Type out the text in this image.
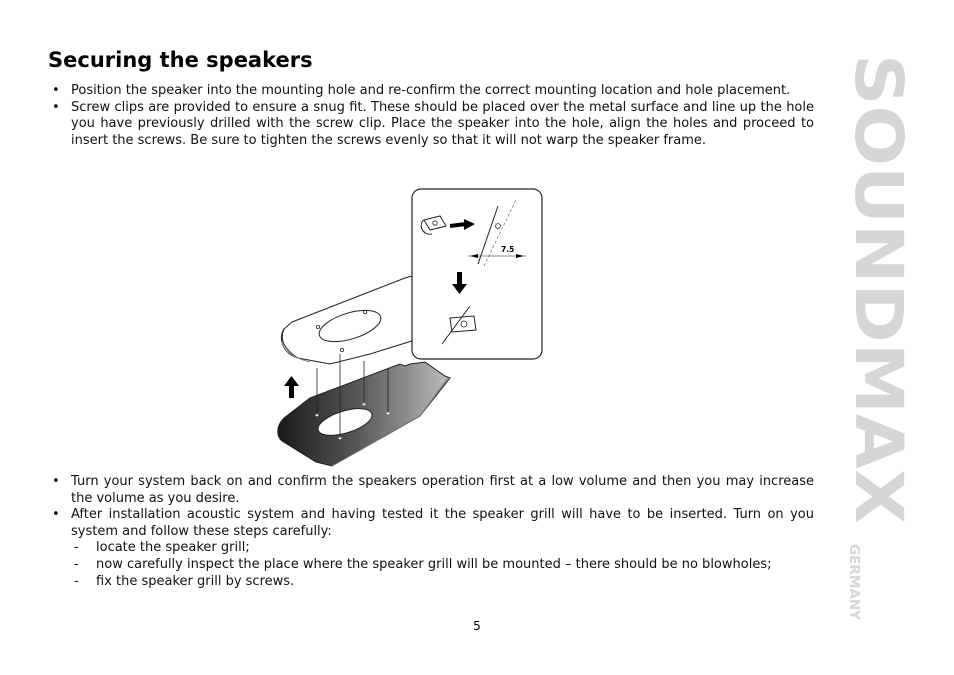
Securing the speakers
• Position the speaker into the mounting hole and re-confirm the correct mounting location and hole placement.
• Screw clips are provided to ensure a snug fit. These should be placed over the metal surface and line up the hole you have previously drilled with the screw clip. Place the speaker into the hole, align the holes and proceed to insert the screws. Be sure to tighten the screws evenly so that it will not warp the speaker frame.
7.5
• Turn your system back on and confirm the speakers operation first at a low volume and then you may increase the volume as you desire.
• After installation acoustic system and having tested it the speaker grill will have to be inserted. Turn on you system and follow these steps carefully:
- locate the speaker grill;
- now carefully inspect the place where the speaker grill will be mounted – there should be no blowholes;
- fix the speaker grill by screws.
SOUNDMAX
GERMANY
5
